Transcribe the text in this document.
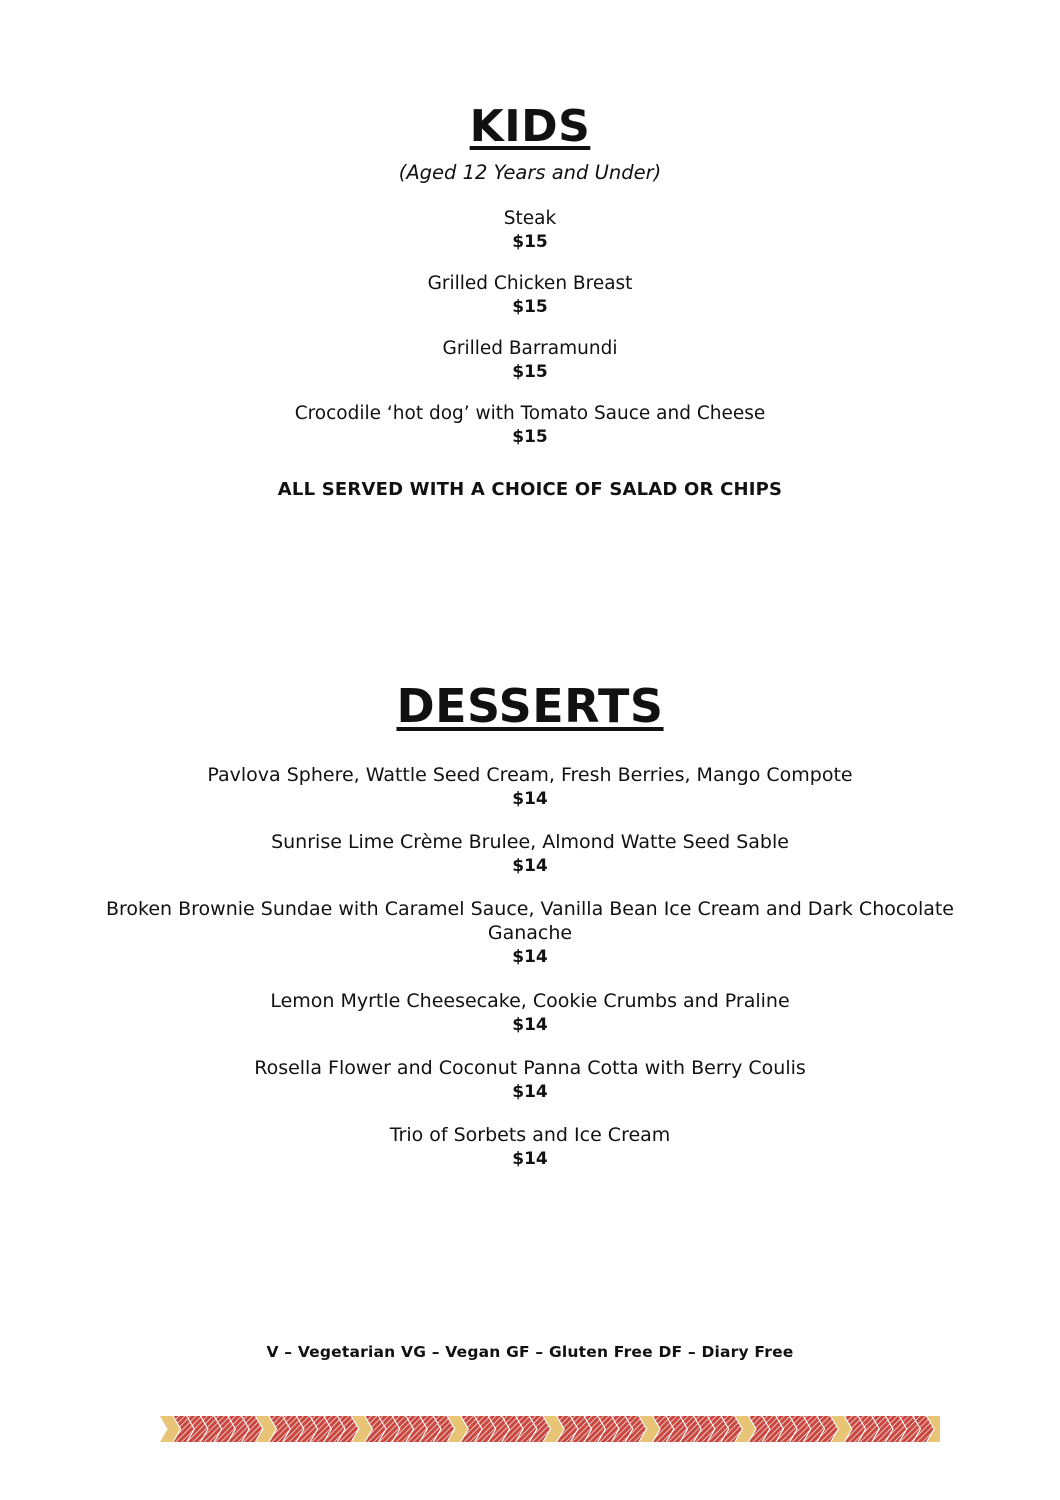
KIDS
(Aged 12 Years and Under)
Steak
$15
Grilled Chicken Breast
$15
Grilled Barramundi
$15
Crocodile ‘hot dog’ with Tomato Sauce and Cheese
$15
ALL SERVED WITH A CHOICE OF SALAD OR CHIPS
DESSERTS
Pavlova Sphere, Wattle Seed Cream, Fresh Berries, Mango Compote
$14
Sunrise Lime Crème Brulee, Almond Watte Seed Sable
$14
Broken Brownie Sundae with Caramel Sauce, Vanilla Bean Ice Cream and Dark Chocolate Ganache
$14
Lemon Myrtle Cheesecake, Cookie Crumbs and Praline
$14
Rosella Flower and Coconut Panna Cotta with Berry Coulis
$14
Trio of Sorbets and Ice Cream
$14
V – Vegetarian VG – Vegan GF – Gluten Free DF – Diary Free
